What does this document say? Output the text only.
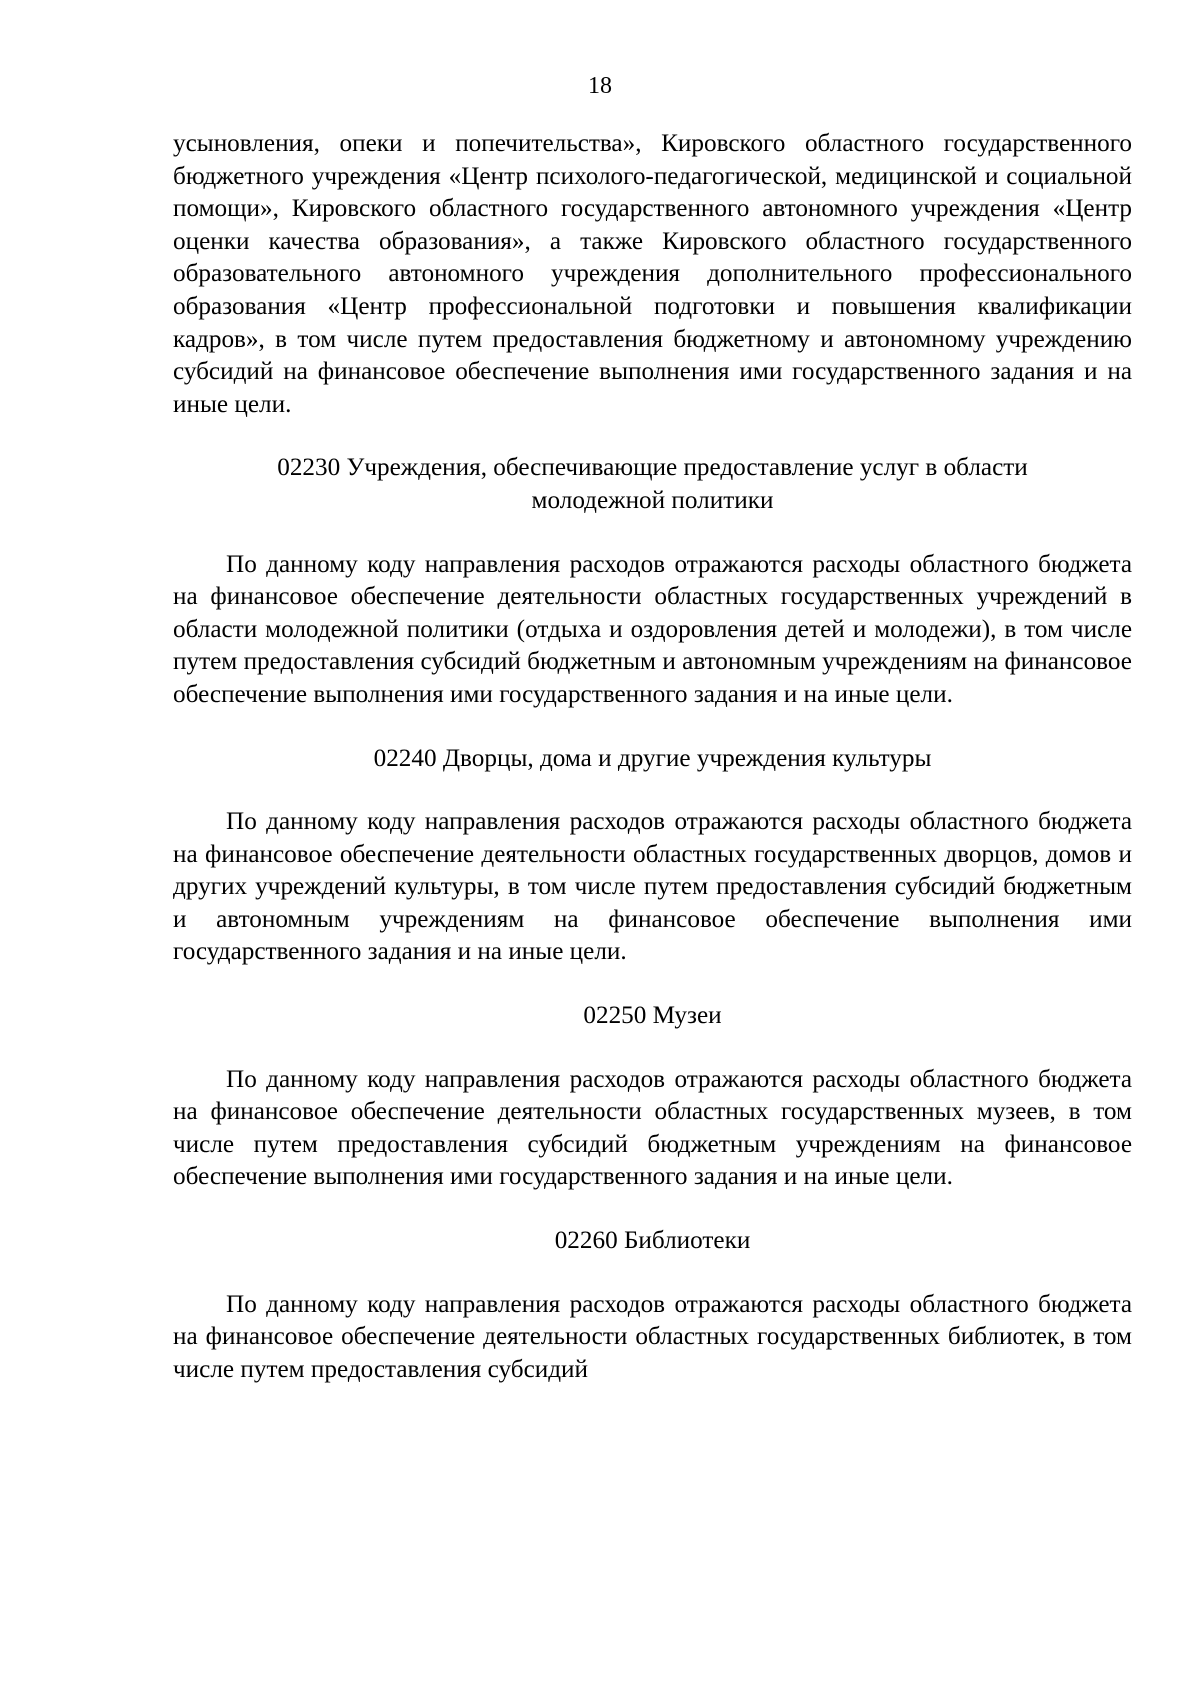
18

усыновления, опеки и попечительства», Кировского областного государственного бюджетного учреждения «Центр психолого-педагогической, медицинской и социальной помощи», Кировского областного государственного автономного учреждения «Центр оценки качества образования», а также Кировского областного государственного образовательного автономного учреждения дополнительного профессионального образования «Центр профессиональной подготовки и повышения квалификации кадров», в том числе путем предоставления бюджетному и автономному учреждению субсидий на финансовое обеспечение выполнения ими государственного задания и на иные цели.

02230 Учреждения, обеспечивающие предоставление услуг в области
молодежной политики

По данному коду направления расходов отражаются расходы областного бюджета на финансовое обеспечение деятельности областных государственных учреждений в области молодежной политики (отдыха и оздоровления детей и молодежи), в том числе путем предоставления субсидий бюджетным и автономным учреждениям на финансовое обеспечение выполнения ими государственного задания и на иные цели.

02240 Дворцы, дома и другие учреждения культуры

По данному коду направления расходов отражаются расходы областного бюджета на финансовое обеспечение деятельности областных государственных дворцов, домов и других учреждений культуры, в том числе путем предоставления субсидий бюджетным и автономным учреждениям на финансовое обеспечение выполнения ими государственного задания и на иные цели.

02250 Музеи

По данному коду направления расходов отражаются расходы областного бюджета на финансовое обеспечение деятельности областных государственных музеев, в том числе путем предоставления субсидий бюджетным учреждениям на финансовое обеспечение выполнения ими государственного задания и на иные цели.

02260 Библиотеки

По данному коду направления расходов отражаются расходы областного бюджета на финансовое обеспечение деятельности областных государственных библиотек, в том числе путем предоставления субсидий
